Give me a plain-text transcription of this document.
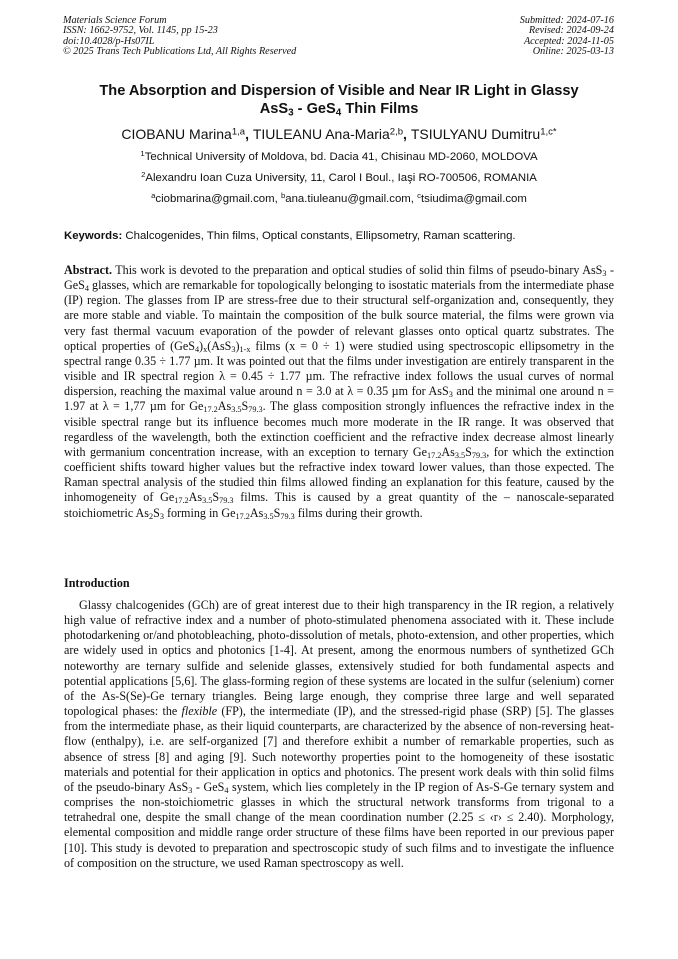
Materials Science Forum
ISSN: 1662-9752, Vol. 1145, pp 15-23
doi:10.4028/p-Hs07IL
© 2025 Trans Tech Publications Ltd, All Rights Reserved
Submitted: 2024-07-16
Revised: 2024-09-24
Accepted: 2024-11-05
Online: 2025-03-13
The Absorption and Dispersion of Visible and Near IR Light in Glassy
AsS$_3$ - GeS$_4$ Thin Films
CIOBANU Marina$^{1,a}$, TIULEANU Ana-Maria$^{2,b}$, TSIULYANU Dumitru$^{1,c*}$
$^1$Technical University of Moldova, bd. Dacia 41, Chisinau MD-2060, MOLDOVA
$^2$Alexandru Ioan Cuza University, 11, Carol I Boul., Iaşi RO-700506, ROMANIA
$^a$ciobmarina@gmail.com, $^b$ana.tiuleanu@gmail.com, $^c$tsiudima@gmail.com
Keywords: Chalcogenides, Thin films, Optical constants, Ellipsometry, Raman scattering.
Abstract. This work is devoted to the preparation and optical studies of solid thin films of pseudo-binary AsS$_3$ - GeS$_4$ glasses, which are remarkable for topologically belonging to isostatic materials from the intermediate phase (IP) region. The glasses from IP are stress-free due to their structural self-organization and, consequently, they are more stable and viable. To maintain the composition of the bulk source material, the films were grown via very fast thermal vacuum evaporation of the powder of relevant glasses onto optical quartz substrates. The optical properties of $(GeS_4)_x(AsS_3)_{1-x}$ films (x = 0 ÷ 1) were studied using spectroscopic ellipsometry in the spectral range 0.35 ÷ 1.77 µm. It was pointed out that the films under investigation are entirely transparent in the visible and IR spectral region λ = 0.45 ÷ 1.77 µm. The refractive index follows the usual curves of normal dispersion, reaching the maximal value around n = 3.0 at λ = 0.35 µm for AsS$_3$ and the minimal one around n = 1.97 at λ = 1,77 µm for $Ge_{17.2}As_{3.5}S_{79.3}$. The glass composition strongly influences the refractive index in the visible spectral range but its influence becomes much more moderate in the IR range. It was observed that regardless of the wavelength, both the extinction coefficient and the refractive index decrease almost linearly with germanium concentration increase, with an exception to ternary $Ge_{17.2}As_{3.5}S_{79.3}$, for which the extinction coefficient shifts toward higher values but the refractive index toward lower values, than those expected. The Raman spectral analysis of the studied thin films allowed finding an explanation for this feature, caused by the inhomogeneity of $Ge_{17.2}As_{3.5}S_{79.3}$ films. This is caused by a great quantity of the – nanoscale-separated stoichiometric $As_2S_3$ forming in $Ge_{17.2}As_{3.5}S_{79.3}$ films during their growth.
Introduction
Glassy chalcogenides (GCh) are of great interest due to their high transparency in the IR region, a relatively high value of refractive index and a number of photo-stimulated phenomena associated with it. These include photodarkening or/and photobleaching, photo-dissolution of metals, photo-extension, and other properties, which are widely used in optics and photonics [1-4]. At present, among the enormous numbers of synthetized GCh noteworthy are ternary sulfide and selenide glasses, extensively studied for both fundamental aspects and potential applications [5,6]. The glass-forming region of these systems are located in the sulfur (selenium) corner of the As-S(Se)-Ge ternary triangles. Being large enough, they comprise three large and well separated topological phases: the flexible (FP), the intermediate (IP), and the stressed-rigid phase (SRP) [5]. The glasses from the intermediate phase, as their liquid counterparts, are characterized by the absence of non-reversing heat-flow (enthalpy), i.e. are self-organized [7] and therefore exhibit a number of remarkable properties, such as absence of stress [8] and aging [9]. Such noteworthy properties point to the homogeneity of these isostatic materials and potential for their application in optics and photonics. The present work deals with thin solid films of the pseudo-binary AsS$_3$ - GeS$_4$ system, which lies completely in the IP region of As-S-Ge ternary system and comprises the non-stoichiometric glasses in which the structural network transforms from trigonal to a tetrahedral one, despite the small change of the mean coordination number (2.25 ≤ ‹r› ≤ 2.40). Morphology, elemental composition and middle range order structure of these films have been reported in our previous paper [10]. This study is devoted to preparation and spectroscopic study of such films and to investigate the influence of composition on the structure, we used Raman spectroscopy as well.
